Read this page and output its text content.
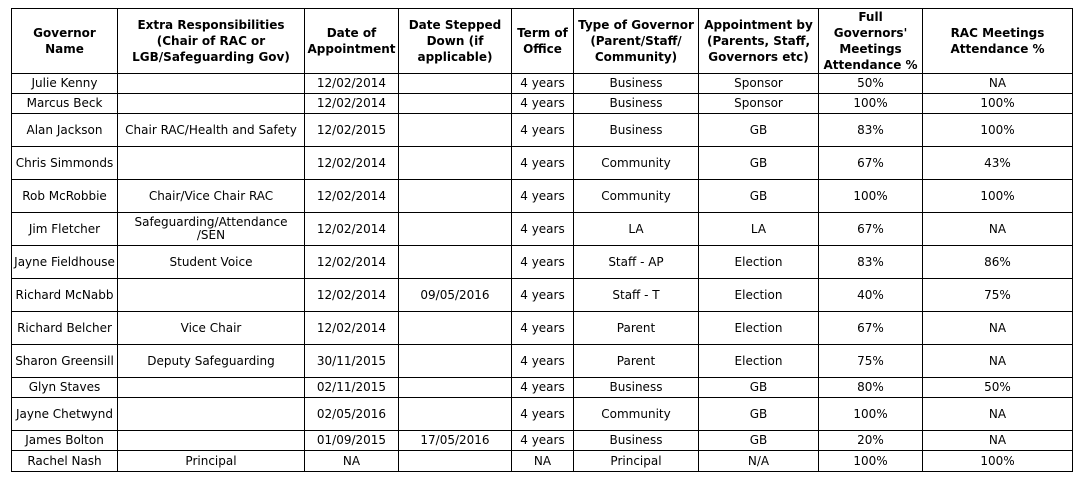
Governor Name	Extra Responsibilities (Chair of RAC or LGB/Safeguarding Gov)	Date of Appointment	Date Stepped Down (if applicable)	Term of Office	Type of Governor (Parent/Staff/ Community)	Appointment by (Parents, Staff, Governors etc)	Full Governors' Meetings Attendance %	RAC Meetings Attendance %
Julie Kenny		12/02/2014		4 years	Business	Sponsor	50%	NA
Marcus Beck		12/02/2014		4 years	Business	Sponsor	100%	100%
Alan Jackson	Chair RAC/Health and Safety	12/02/2015		4 years	Business	GB	83%	100%
Chris Simmonds		12/02/2014		4 years	Community	GB	67%	43%
Rob McRobbie	Chair/Vice Chair RAC	12/02/2014		4 years	Community	GB	100%	100%
Jim Fletcher	Safeguarding/Attendance /SEN	12/02/2014		4 years	LA	LA	67%	NA
Jayne Fieldhouse	Student Voice	12/02/2014		4 years	Staff - AP	Election	83%	86%
Richard McNabb		12/02/2014	09/05/2016	4 years	Staff - T	Election	40%	75%
Richard Belcher	Vice Chair	12/02/2014		4 years	Parent	Election	67%	NA
Sharon Greensill	Deputy Safeguarding	30/11/2015		4 years	Parent	Election	75%	NA
Glyn Staves		02/11/2015		4 years	Business	GB	80%	50%
Jayne Chetwynd		02/05/2016		4 years	Community	GB	100%	NA
James Bolton		01/09/2015	17/05/2016	4 years	Business	GB	20%	NA
Rachel Nash	Principal	NA		NA	Principal	N/A	100%	100%
